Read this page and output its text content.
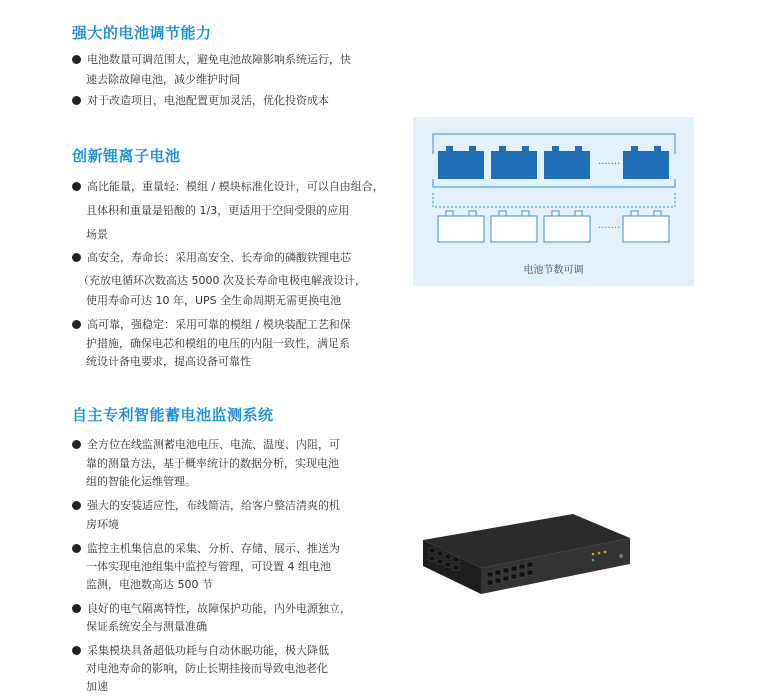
强大的电池调节能力
电池数量可调范围大，避免电池故障影响系统运行，快
速去除故障电池，减少维护时间
对于改造项目，电池配置更加灵活，优化投资成本
创新锂离子电池
高比能量，重量轻：模组 / 模块标准化设计，可以自由组合，
且体积和重量是铅酸的 1/3，更适用于空间受限的应用
场景
高安全，寿命长：采用高安全、长寿命的磷酸铁锂电芯
（充放电循环次数高达 5000 次及长寿命电极电解液设计，
使用寿命可达 10 年，UPS 全生命周期无需更换电池
高可靠，强稳定：采用可靠的模组 / 模块装配工艺和保
护措施，确保电芯和模组的电压的内阻一致性，满足系
统设计备电要求，提高设备可靠性
自主专利智能蓄电池监测系统
全方位在线监测蓄电池电压、电流、温度、内阻，可
靠的测量方法，基于概率统计的数据分析，实现电池
组的智能化运维管理。
强大的安装适应性，布线简洁，给客户整洁清爽的机
房环境
监控主机集信息的采集、分析、存储、展示、推送为
一体实现电池组集中监控与管理，可设置 4 组电池
监测，电池数高达 500 节
良好的电气隔离特性，故障保护功能，内外电源独立，
保证系统安全与测量准确
采集模块具备超低功耗与自动休眠功能，极大降低
对电池寿命的影响，防止长期挂接而导致电池老化
加速
·······
·······
电池节数可调
